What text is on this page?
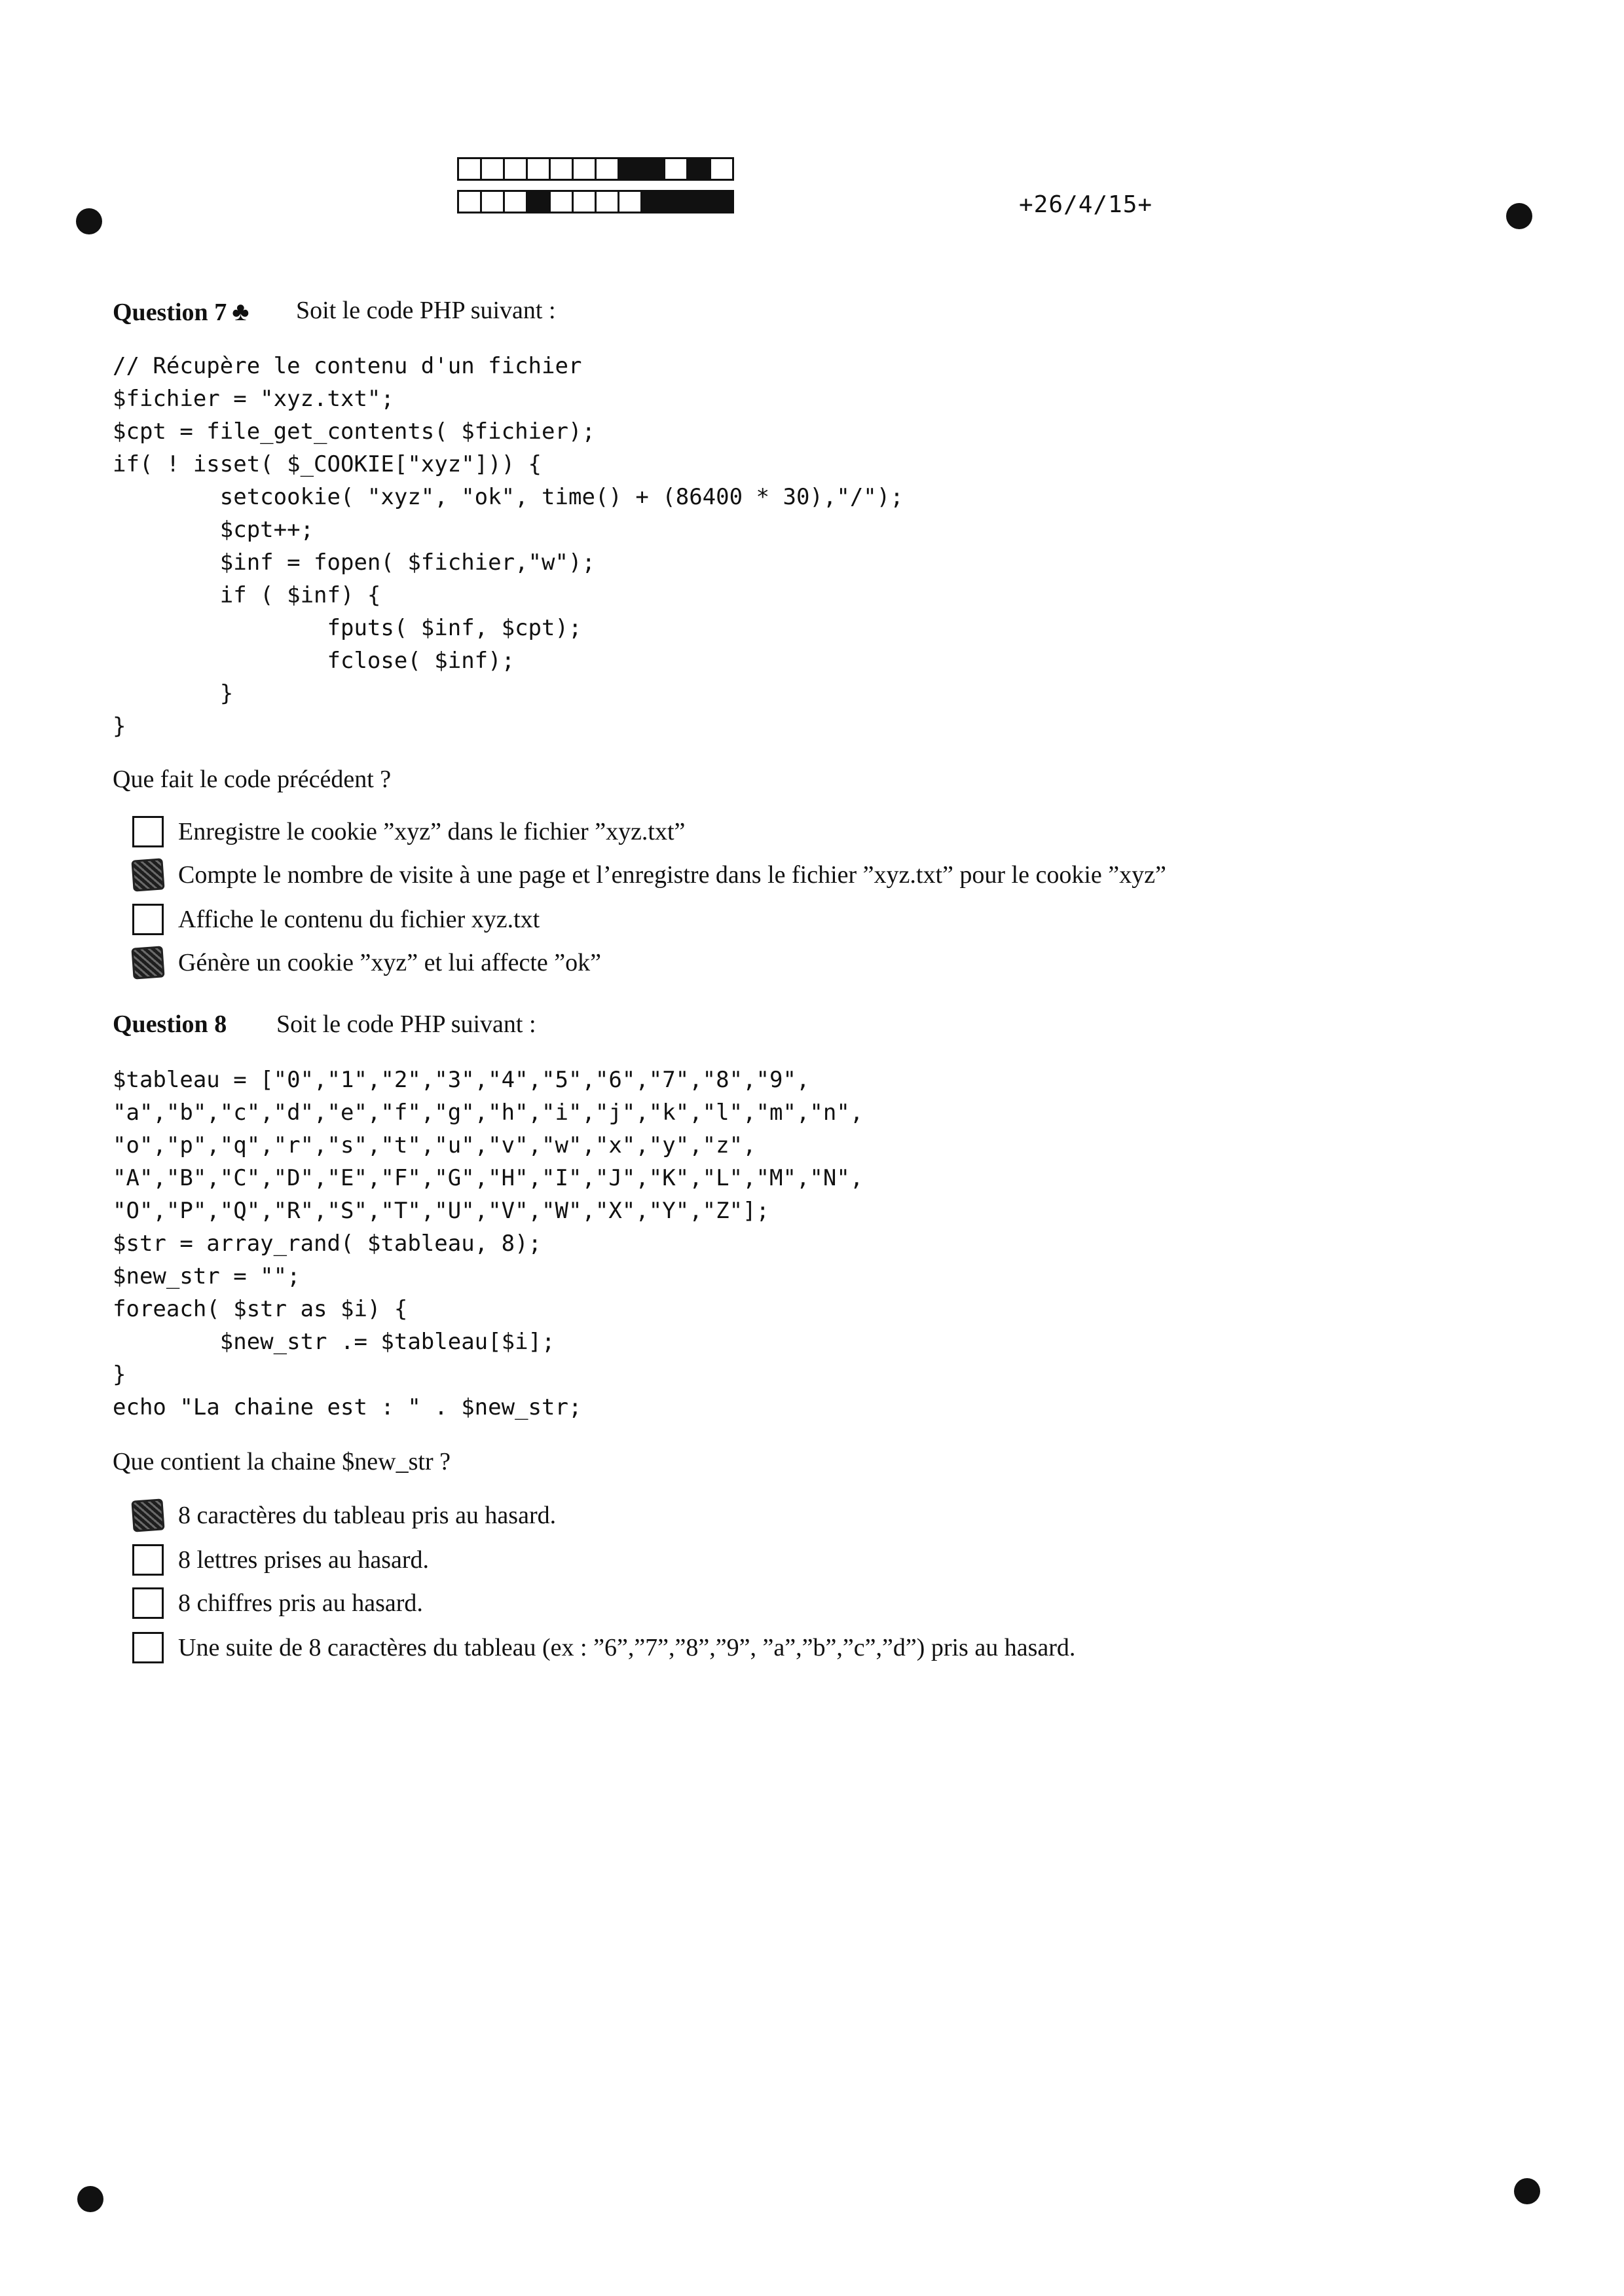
+26/4/15+
Question 7 ♣ Soit le code PHP suivant :
// Récupère le contenu d'un fichier
$fichier = "xyz.txt";
$cpt = file_get_contents( $fichier);
if( ! isset( $_COOKIE["xyz"])) {
setcookie( "xyz", "ok", time() + (86400 * 30),"/");
$cpt++;
$inf = fopen( $fichier,"w");
if ( $inf) {
fputs( $inf, $cpt);
fclose( $inf);
}
}
Que fait le code précédent ?
Enregistre le cookie ”xyz” dans le fichier ”xyz.txt”
Compte le nombre de visite à une page et l’enregistre dans le fichier ”xyz.txt” pour le cookie ”xyz”
Affiche le contenu du fichier xyz.txt
Génère un cookie ”xyz” et lui affecte ”ok”
Question 8 Soit le code PHP suivant :
$tableau = ["0","1","2","3","4","5","6","7","8","9",
"a","b","c","d","e","f","g","h","i","j","k","l","m","n",
"o","p","q","r","s","t","u","v","w","x","y","z",
"A","B","C","D","E","F","G","H","I","J","K","L","M","N",
"O","P","Q","R","S","T","U","V","W","X","Y","Z"];
$str = array_rand( $tableau, 8);
$new_str = "";
foreach( $str as $i) {
$new_str .= $tableau[$i];
}
echo "La chaine est : " . $new_str;
Que contient la chaine $new_str ?
8 caractères du tableau pris au hasard.
8 lettres prises au hasard.
8 chiffres pris au hasard.
Une suite de 8 caractères du tableau (ex : ”6”,”7”,”8”,”9”, ”a”,”b”,”c”,”d”) pris au hasard.
